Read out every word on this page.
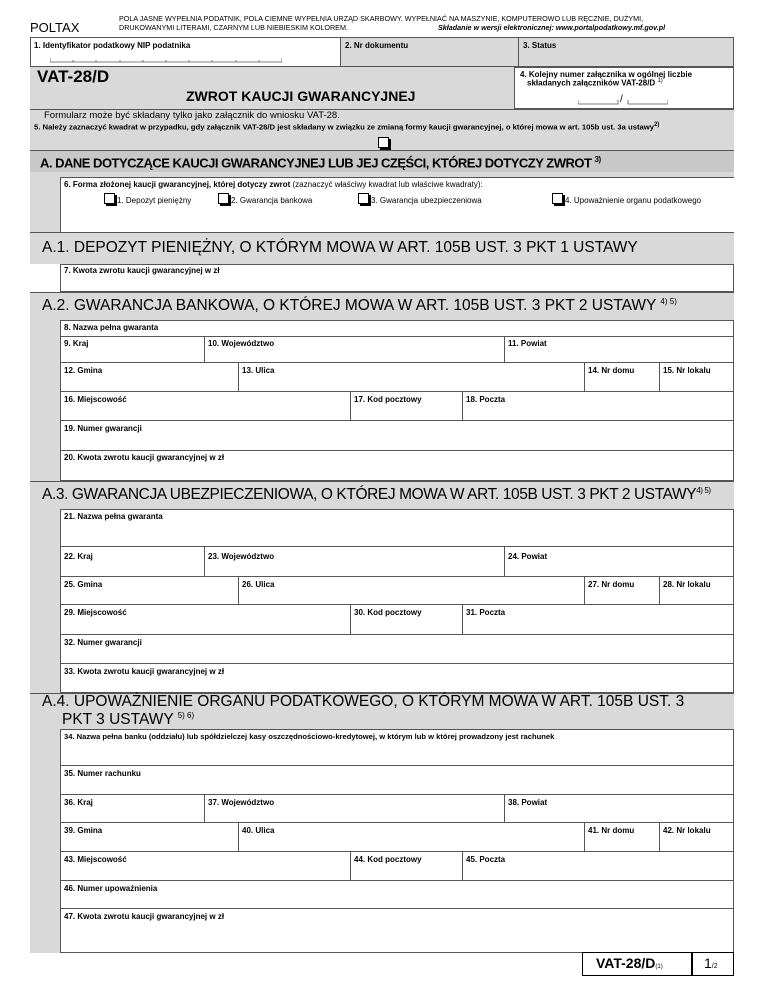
POLTAX
POLA JASNE WYPEŁNIA PODATNIK, POLA CIEMNE WYPEŁNIA URZĄD SKARBOWY. WYPEŁNIAĆ NA MASZYNIE, KOMPUTEROWO LUB RĘCZNIE, DUŻYMI,
DRUKOWANYMI LITERAMI, CZARNYM LUB NIEBIESKIM KOLOREM.	Składanie w wersji elektronicznej: www.portalpodatkowy.mf.gov.pl
1. Identyfikator podatkowy NIP podatnika	2. Nr dokumentu	3. Status
VAT-28/D
ZWROT KAUCJI GWARANCYJNEJ
4. Kolejny numer załącznika w ogólnej liczbie
składanych załączników VAT-28/D $^{1)}$
/
Formularz może być składany tylko jako załącznik do wniosku VAT-28.
5. Należy zaznaczyć kwadrat w przypadku, gdy załącznik VAT-28/D jest składany w związku ze zmianą formy kaucji gwarancyjnej, o której mowa w art. 105b ust. 3a ustawy$^{2)}$
A. DANE DOTYCZĄCE KAUCJI GWARANCYJNEJ LUB JEJ CZĘŚCI, KTÓREJ DOTYCZY ZWROT $^{3)}$
6. Forma złożonej kaucji gwarancyjnej, której dotyczy zwrot (zaznaczyć właściwy kwadrat lub właściwe kwadraty):
1. Depozyt pieniężny	2. Gwarancja bankowa	3. Gwarancja ubezpieczeniowa	4. Upoważnienie organu podatkowego
A.1. DEPOZYT PIENIĘŻNY, O KTÓRYM MOWA W ART. 105B UST. 3 PKT 1 USTAWY
7. Kwota zwrotu kaucji gwarancyjnej w zł
A.2. GWARANCJA BANKOWA, O KTÓREJ MOWA W ART. 105B UST. 3 PKT 2 USTAWY $^{4) 5)}$
8. Nazwa pełna gwaranta
9. Kraj	10. Województwo	11. Powiat
12. Gmina	13. Ulica	14. Nr domu	15. Nr lokalu
16. Miejscowość	17. Kod pocztowy	18. Poczta
19. Numer gwarancji
20. Kwota zwrotu kaucji gwarancyjnej w zł
A.3. GWARANCJA UBEZPIECZENIOWA, O KTÓREJ MOWA W ART. 105B UST. 3 PKT 2 $USTAWY^{4) 5)}$
21. Nazwa pełna gwaranta
22. Kraj	23. Województwo	24. Powiat
25. Gmina	26. Ulica	27. Nr domu	28. Nr lokalu
29. Miejscowość	30. Kod pocztowy	31. Poczta
32. Numer gwarancji
33. Kwota zwrotu kaucji gwarancyjnej w zł
A.4. UPOWAŻNIENIE ORGANU PODATKOWEGO, O KTÓRYM MOWA W ART. 105B UST. 3
PKT 3 USTAWY $^{5) 6)}$
34. Nazwa pełna banku (oddziału) lub spółdzielczej kasy oszczędnościowo-kredytowej, w którym lub w której prowadzony jest rachunek
35. Numer rachunku
36. Kraj	37. Województwo	38. Powiat
39. Gmina	40. Ulica	41. Nr domu	42. Nr lokalu
43. Miejscowość	44. Kod pocztowy	45. Poczta
46. Numer upoważnienia
47. Kwota zwrotu kaucji gwarancyjnej w zł
VAT-28/D(1)	1/2
